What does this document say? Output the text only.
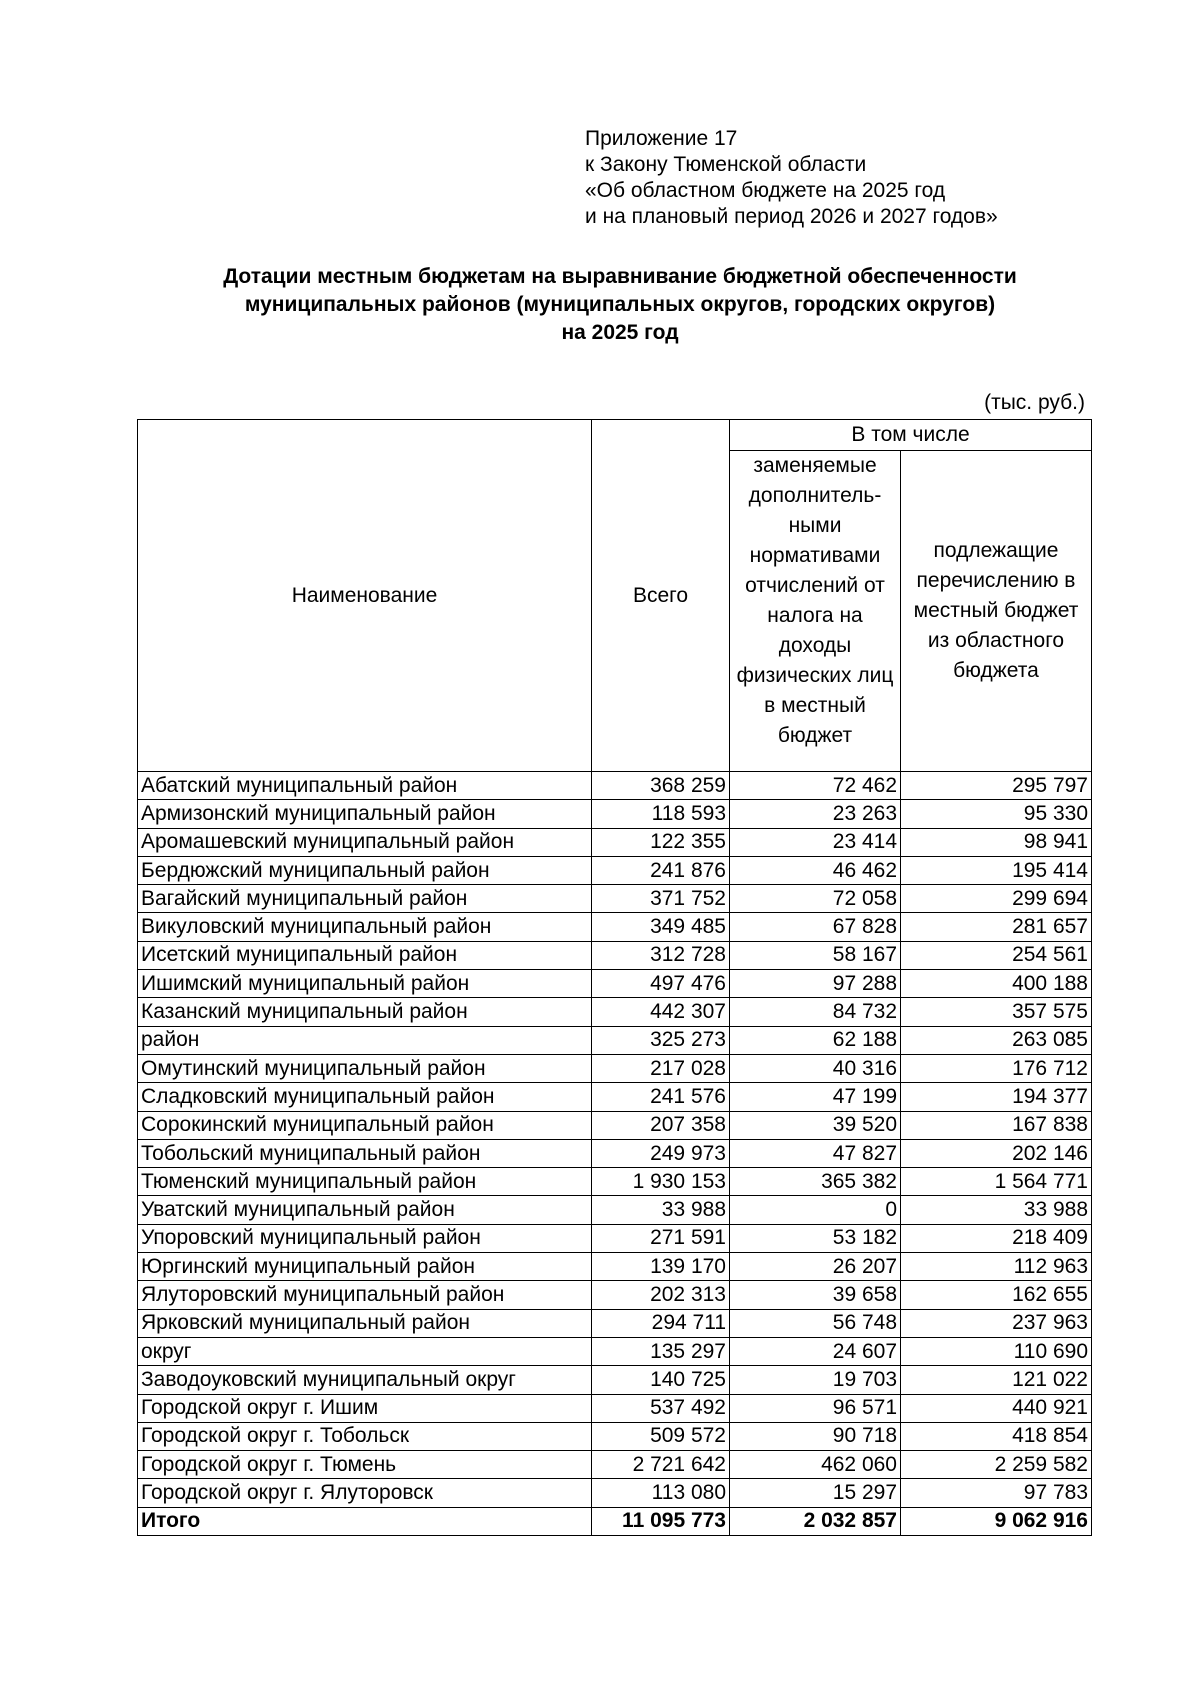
Приложение 17
к Закону Тюменской области
«Об областном бюджете на 2025 год
и на плановый период 2026 и 2027 годов»
Дотации местным бюджетам на выравнивание бюджетной обеспеченности
муниципальных районов (муниципальных округов, городских округов)
на 2025 год
(тыс. руб.)
Наименование	Всего	В том числе	

		заменяемые дополнитель-ными нормативами отчислений от налога на доходы физических лиц в местный бюджет	подлежащие перечислению в местный бюджет из областного бюджета
Абатский муниципальный район	368 259	72 462	295 797
Армизонский муниципальный район	118 593	23 263	95 330
Аромашевский муниципальный район	122 355	23 414	98 941
Бердюжский муниципальный район	241 876	46 462	195 414
Вагайский муниципальный район	371 752	72 058	299 694
Викуловский муниципальный район	349 485	67 828	281 657
Исетский муниципальный район	312 728	58 167	254 561
Ишимский муниципальный район	497 476	97 288	400 188
Казанский муниципальный район	442 307	84 732	357 575
район	325 273	62 188	263 085
Омутинский муниципальный район	217 028	40 316	176 712
Сладковский муниципальный район	241 576	47 199	194 377
Сорокинский муниципальный район	207 358	39 520	167 838
Тобольский муниципальный район	249 973	47 827	202 146
Тюменский муниципальный район	1 930 153	365 382	1 564 771
Уватский муниципальный район	33 988	0	33 988
Упоровский муниципальный район	271 591	53 182	218 409
Юргинский муниципальный район	139 170	26 207	112 963
Ялуторовский муниципальный район	202 313	39 658	162 655
Ярковский муниципальный район	294 711	56 748	237 963
округ	135 297	24 607	110 690
Заводоуковский муниципальный округ	140 725	19 703	121 022
Городской округ г. Ишим	537 492	96 571	440 921
Городской округ г. Тобольск	509 572	90 718	418 854
Городской округ г. Тюмень	2 721 642	462 060	2 259 582
Городской округ г. Ялуторовск	113 080	15 297	97 783
Итого	11 095 773	2 032 857	9 062 916
